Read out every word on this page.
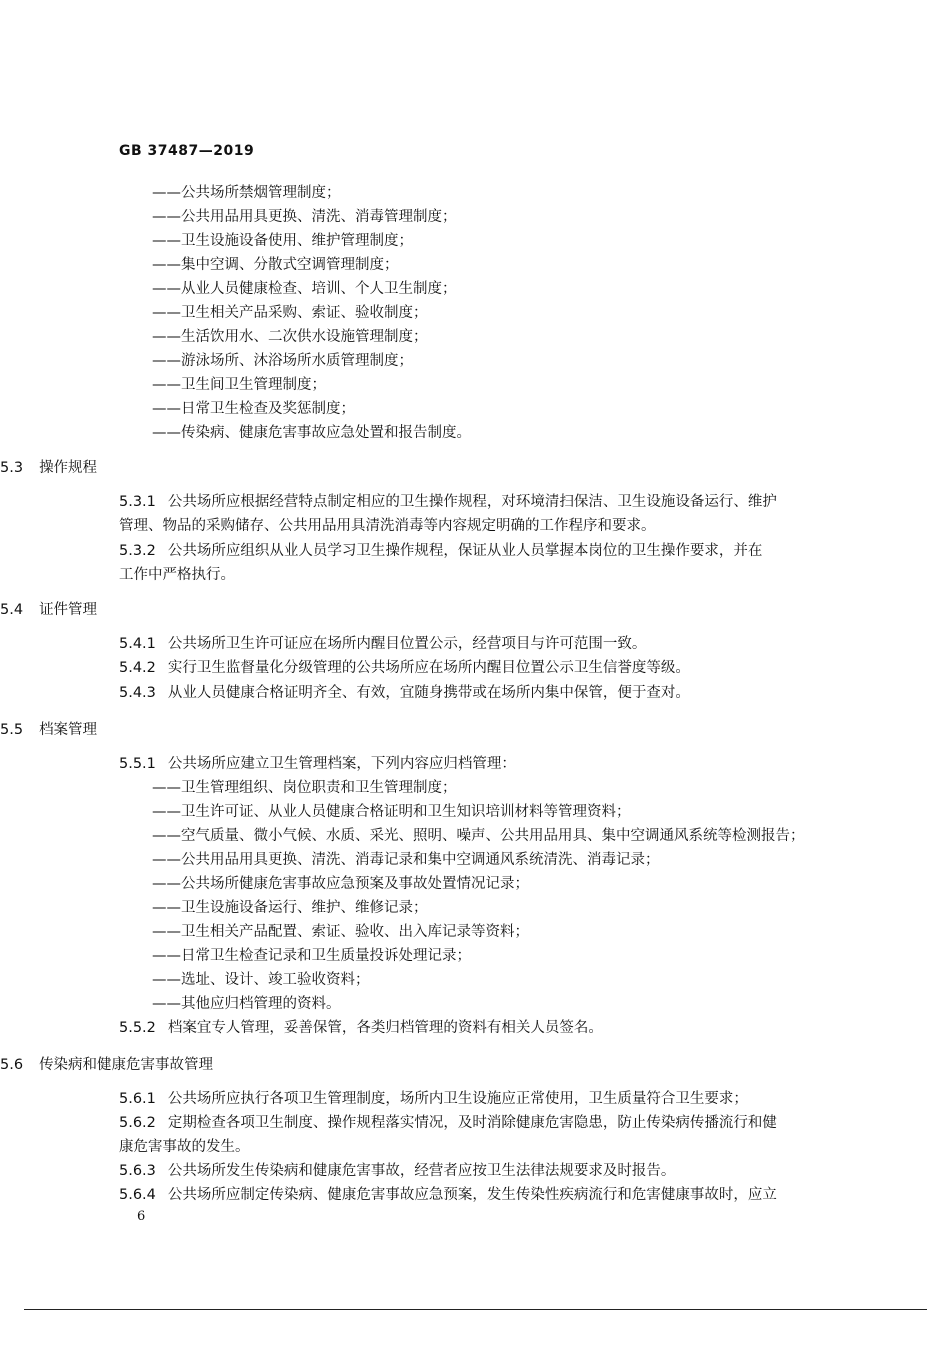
GB 37487—2019
——公共场所禁烟管理制度；
——公共用品用具更换、清洗、消毒管理制度；
——卫生设施设备使用、维护管理制度；
——集中空调、分散式空调管理制度；
——从业人员健康检查、培训、个人卫生制度；
——卫生相关产品采购、索证、验收制度；
——生活饮用水、二次供水设施管理制度；
——游泳场所、沐浴场所水质管理制度；
——卫生间卫生管理制度；
——日常卫生检查及奖惩制度；
——传染病、健康危害事故应急处置和报告制度。
5.3 操作规程
5.3.1 公共场所应根据经营特点制定相应的卫生操作规程，对环境清扫保洁、卫生设施设备运行、维护
管理、物品的采购储存、公共用品用具清洗消毒等内容规定明确的工作程序和要求。
5.3.2 公共场所应组织从业人员学习卫生操作规程，保证从业人员掌握本岗位的卫生操作要求，并在
工作中严格执行。
5.4 证件管理
5.4.1 公共场所卫生许可证应在场所内醒目位置公示，经营项目与许可范围一致。
5.4.2 实行卫生监督量化分级管理的公共场所应在场所内醒目位置公示卫生信誉度等级。
5.4.3 从业人员健康合格证明齐全、有效，宜随身携带或在场所内集中保管，便于查对。
5.5 档案管理
5.5.1 公共场所应建立卫生管理档案，下列内容应归档管理：
——卫生管理组织、岗位职责和卫生管理制度；
——卫生许可证、从业人员健康合格证明和卫生知识培训材料等管理资料；
——空气质量、微小气候、水质、采光、照明、噪声、公共用品用具、集中空调通风系统等检测报告；
——公共用品用具更换、清洗、消毒记录和集中空调通风系统清洗、消毒记录；
——公共场所健康危害事故应急预案及事故处置情况记录；
——卫生设施设备运行、维护、维修记录；
——卫生相关产品配置、索证、验收、出入库记录等资料；
——日常卫生检查记录和卫生质量投诉处理记录；
——选址、设计、竣工验收资料；
——其他应归档管理的资料。
5.5.2 档案宜专人管理，妥善保管，各类归档管理的资料有相关人员签名。
5.6 传染病和健康危害事故管理
5.6.1 公共场所应执行各项卫生管理制度，场所内卫生设施应正常使用，卫生质量符合卫生要求；
5.6.2 定期检查各项卫生制度、操作规程落实情况，及时消除健康危害隐患，防止传染病传播流行和健
康危害事故的发生。
5.6.3 公共场所发生传染病和健康危害事故，经营者应按卫生法律法规要求及时报告。
5.6.4 公共场所应制定传染病、健康危害事故应急预案，发生传染性疾病流行和危害健康事故时，应立
6
